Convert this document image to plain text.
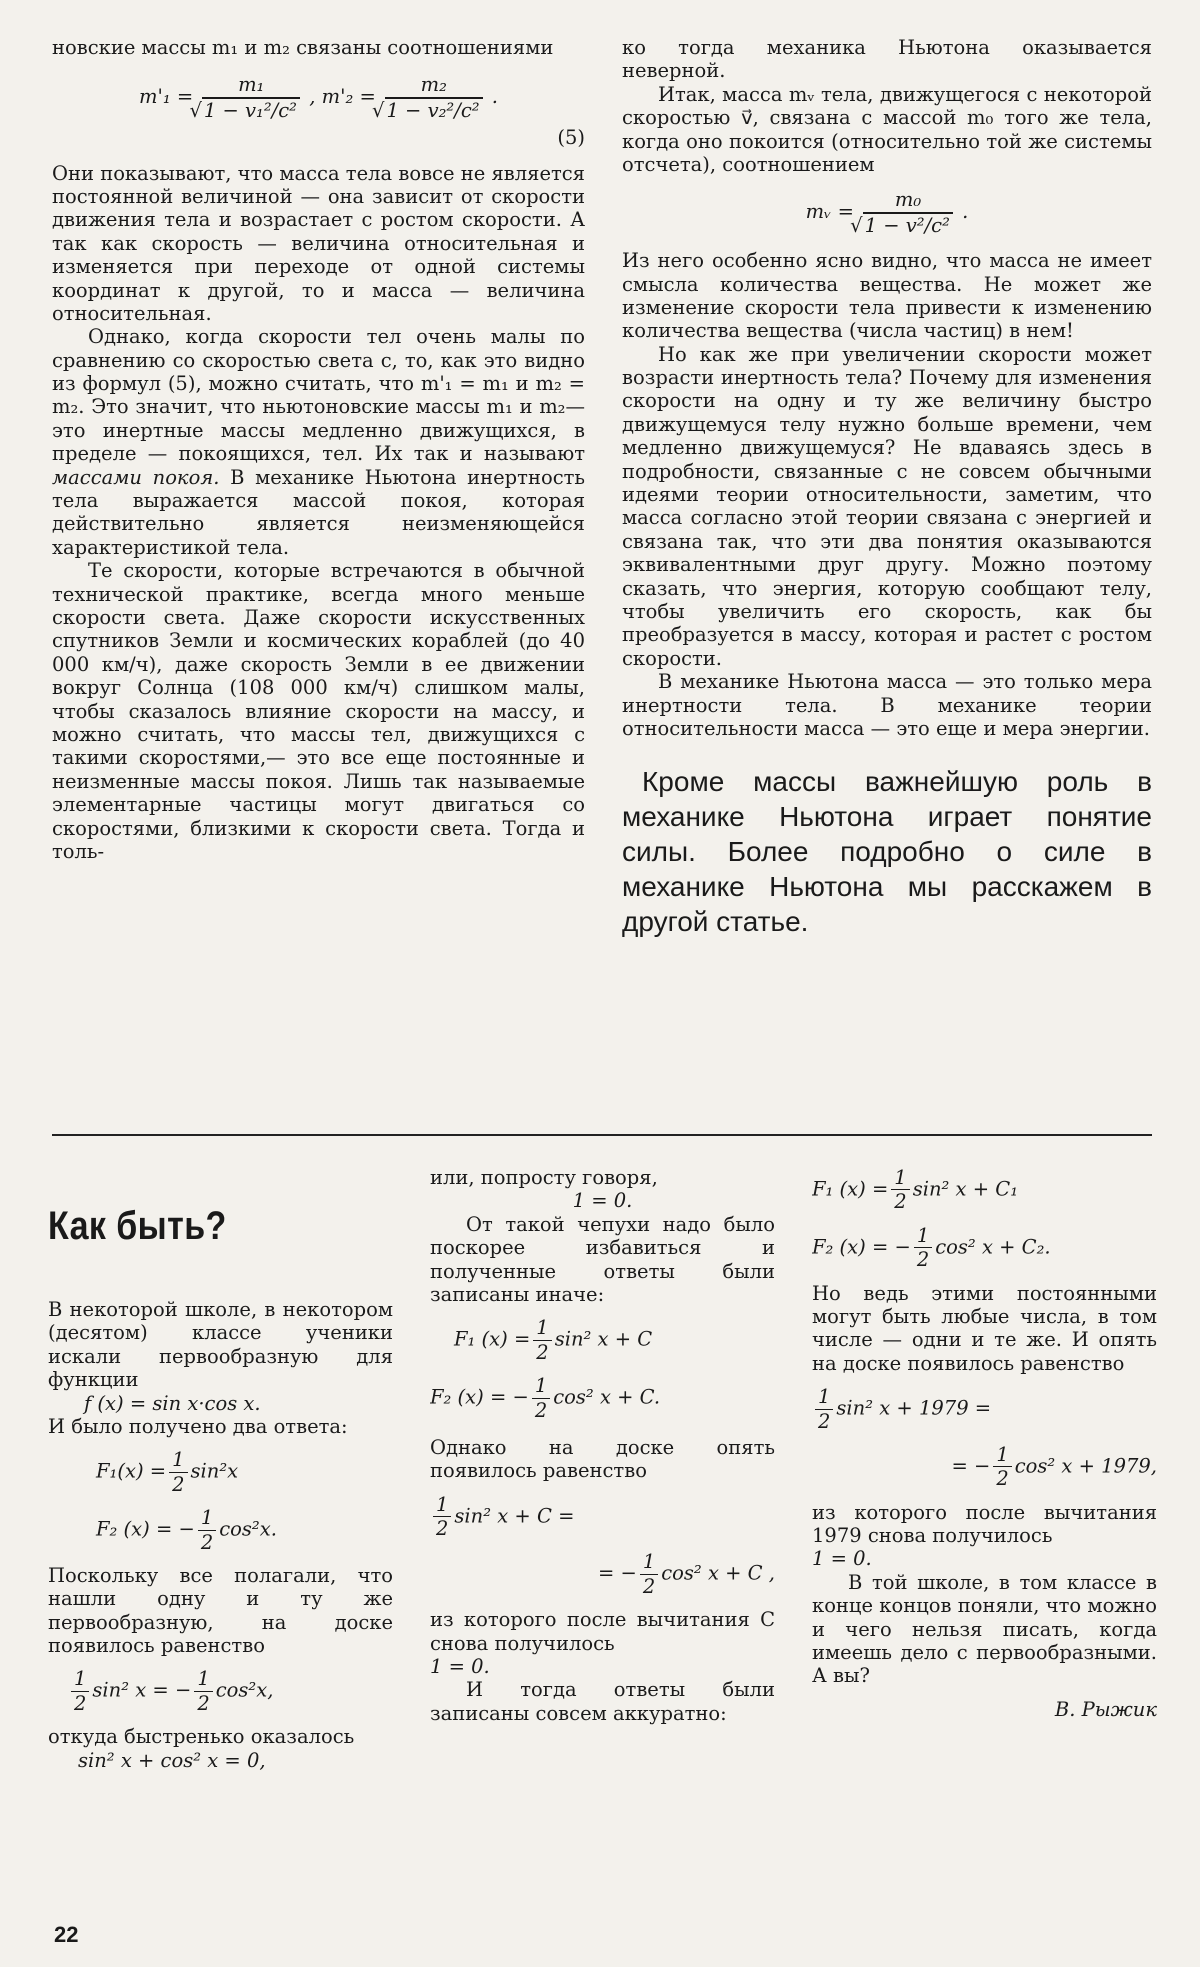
новские массы m₁ и m₂ связаны соотношениями

m'₁ = m₁
√ 1 − v₁²/c² , m'₂ = m₂
√ 1 − v₂²/c² .
(5)

Они показывают, что масса тела вовсе не является постоянной величиной — она зависит от скорости движения тела и возрастает с ростом скорости. А так как скорость — величина относительная и изменяется при переходе от одной системы координат к другой, то и масса — величина относительная.

Однако, когда скорости тел очень малы по сравнению со скоростью света c, то, как это видно из формул (5), можно считать, что m'₁ = m₁ и m₂ = m₂. Это значит, что ньютоновские массы m₁ и m₂— это инертные массы медленно движущихся, в пределе — покоящихся, тел. Их так и называют массами покоя. В механике Ньютона инертность тела выражается массой покоя, которая действительно является неизменяющейся характеристикой тела.

Те скорости, которые встречаются в обычной технической практике, всегда много меньше скорости света. Даже скорости искусственных спутников Земли и космических кораблей (до 40 000 км/ч), даже скорость Земли в ее движении вокруг Солнца (108 000 км/ч) слишком малы, чтобы сказалось влияние скорости на массу, и можно считать, что массы тел, движущихся с такими скоростями,— это все еще постоянные и неизменные массы покоя. Лишь так называемые элементарные частицы могут двигаться со скоростями, близкими к скорости света. Тогда и толь-

ко тогда механика Ньютона оказывается неверной.

Итак, масса mᵥ тела, движущегося с некоторой скоростью v⃗, связана с массой m₀ того же тела, когда оно покоится (относительно той же системы отсчета), соотношением

mᵥ = m₀
√ 1 − v²/c² .

Из него особенно ясно видно, что масса не имеет смысла количества вещества. Не может же изменение скорости тела привести к изменению количества вещества (числа частиц) в нем!

Но как же при увеличении скорости может возрасти инертность тела? Почему для изменения скорости на одну и ту же величину быстро движущемуся телу нужно больше времени, чем медленно движущемуся? Не вдаваясь здесь в подробности, связанные с не совсем обычными идеями теории относительности, заметим, что масса согласно этой теории связана с энергией и связана так, что эти два понятия оказываются эквивалентными друг другу. Можно поэтому сказать, что энергия, которую сообщают телу, чтобы увеличить его скорость, как бы преобразуется в массу, которая и растет с ростом скорости.

В механике Ньютона масса — это только мера инертности тела. В механике теории относительности масса — это еще и мера энергии.

Кроме массы важнейшую роль в механике Ньютона играет понятие силы. Более подробно о силе в механике Ньютона мы расскажем в другой статье.

Как быть?

В некоторой школе, в некотором (десятом) классе ученики искали первообразную для функции

f (x) = sin x·cos x.

И было получено два ответа:

$F_1(x) = \frac{1}{2} \sin^2x$
F₂ (x) = − $\frac{1}{2} \cos^2x$.

Поскольку все полагали, что нашли одну и ту же первообразную, на доске появилось равенство

$\frac{1}{2} \sin^2$ x = − $\frac{1}{2} \cos^2x$,

откуда быстренько оказалось

sin² x + cos² x = 0,

или, попросту говоря,

1 = 0.

От такой чепухи надо было поскорее избавиться и полученные ответы были записаны иначе:

F₁ $(x) = \frac{1}{2} \sin^2$ x + C
F₂ (x) = − $\frac{1}{2} \cos^2$ x + C.

Однако на доске опять появилось равенство

$\frac{1}{2} \sin^2$ x + C =
= − $\frac{1}{2} \cos^2$ x + C ,

из которого после вычитания C снова получилось

1 = 0.

И тогда ответы были записаны совсем аккуратно:

F₁ $(x) = \frac{1}{2} \sin^2$ x + C₁
F₂ (x) = − $\frac{1}{2} \cos^2$ x + C₂.

Но ведь этими постоянными могут быть любые числа, в том числе — одни и те же. И опять на доске появилось равенство

$\frac{1}{2} \sin^2$ x + 1979 =
= − $\frac{1}{2} \cos^2$ x + 1979,

из которого после вычитания 1979 снова получилось

1 = 0.

В той школе, в том классе в конце концов поняли, что можно и чего нельзя писать, когда имеешь дело с первообразными. А вы?

В. Рыжик
22
